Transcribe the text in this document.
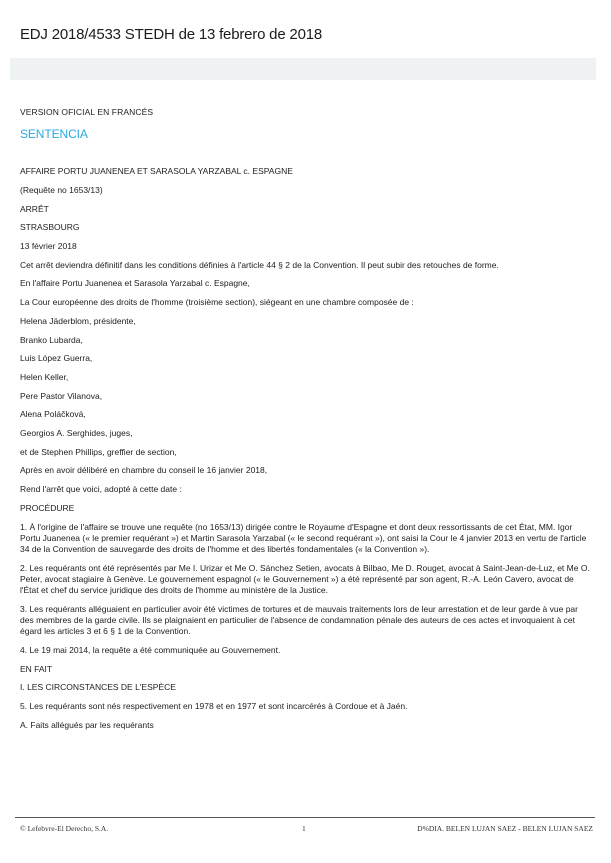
EDJ 2018/4533 STEDH de 13 febrero de 2018
VERSION OFICIAL EN FRANCÉS
SENTENCIA

AFFAIRE PORTU JUANENEA ET SARASOLA YARZABAL c. ESPAGNE

(Requête no 1653/13)

ARRÊT

STRASBOURG

13 février 2018

Cet arrêt deviendra définitif dans les conditions définies à l'article 44 § 2 de la Convention. Il peut subir des retouches de forme.

En l'affaire Portu Juanenea et Sarasola Yarzabal c. Espagne,

La Cour européenne des droits de l'homme (troisième section), siégeant en une chambre composée de :

Helena Jäderblom, présidente,

Branko Lubarda,

Luis López Guerra,

Helen Keller,

Pere Pastor Vilanova,

Alena Poláčková,

Georgios A. Serghides, juges,

et de Stephen Phillips, greffier de section,

Après en avoir délibéré en chambre du conseil le 16 janvier 2018,

Rend l'arrêt que voici, adopté à cette date :

PROCÉDURE

1. À l'origine de l'affaire se trouve une requête (no 1653/13) dirigée contre le Royaume d'Espagne et dont deux ressortissants de cet État, MM. Igor Portu Juanenea (« le premier requérant ») et Martin Sarasola Yarzabal (« le second requérant »), ont saisi la Cour le 4 janvier 2013 en vertu de l'article 34 de la Convention de sauvegarde des droits de l'homme et des libertés fondamentales (« la Convention »).

2. Les requérants ont été représentés par Me I. Urizar et Me O. Sánchez Setien, avocats à Bilbao, Me D. Rouget, avocat à Saint-Jean-de-Luz, et Me O. Peter, avocat stagiaire à Genève. Le gouvernement espagnol (« le Gouvernement ») a été représenté par son agent, R.-A. León Cavero, avocat de l'État et chef du service juridique des droits de l'homme au ministère de la Justice.

3. Les requérants alléguaient en particulier avoir été victimes de tortures et de mauvais traitements lors de leur arrestation et de leur garde à vue par des membres de la garde civile. Ils se plaignaient en particulier de l'absence de condamnation pénale des auteurs de ces actes et invoquaient à cet égard les articles 3 et 6 § 1 de la Convention.

4. Le 19 mai 2014, la requête a été communiquée au Gouvernement.

EN FAIT

I. LES CIRCONSTANCES DE L'ESPÈCE

5. Les requérants sont nés respectivement en 1978 et en 1977 et sont incarcérés à Cordoue et à Jaén.

A. Faits allégués par les requérants

© Lefebvre-El Derecho, S.A.	1	D%DIA. BELEN LUJAN SAEZ - BELEN LUJAN SAEZ
